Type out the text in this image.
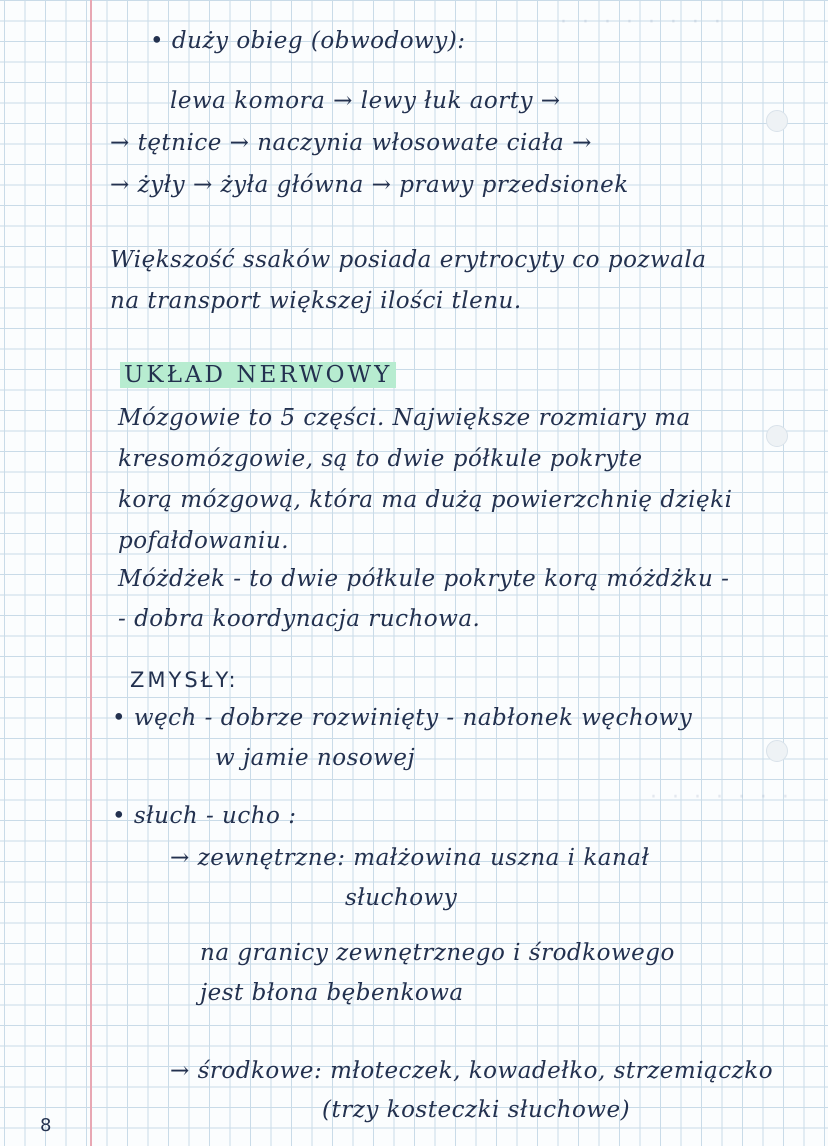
· · · · · · · ·
· · · · · · ·
• duży obieg (obwodowy):
lewa komora → lewy łuk aorty →
→ tętnice → naczynia włosowate ciała →
→ żyły → żyła główna → prawy przedsionek
Większość ssaków posiada erytrocyty co pozwala
na transport większej ilości tlenu.
UKŁAD NERWOWY
Mózgowie to 5 części. Największe rozmiary ma
kresomózgowie, są to dwie półkule pokryte
korą mózgową, która ma dużą powierzchnię dzięki
pofałdowaniu.
Móżdżek - to dwie półkule pokryte korą móżdżku -
- dobra koordynacja ruchowa.
ZMYSŁY:
• węch - dobrze rozwinięty - nabłonek węchowy
w jamie nosowej
• słuch - ucho :
→ zewnętrzne: małżowina uszna i kanał
słuchowy
na granicy zewnętrznego i środkowego
jest błona bębenkowa
→ środkowe: młoteczek, kowadełko, strzemiączko
(trzy kosteczki słuchowe)
8
